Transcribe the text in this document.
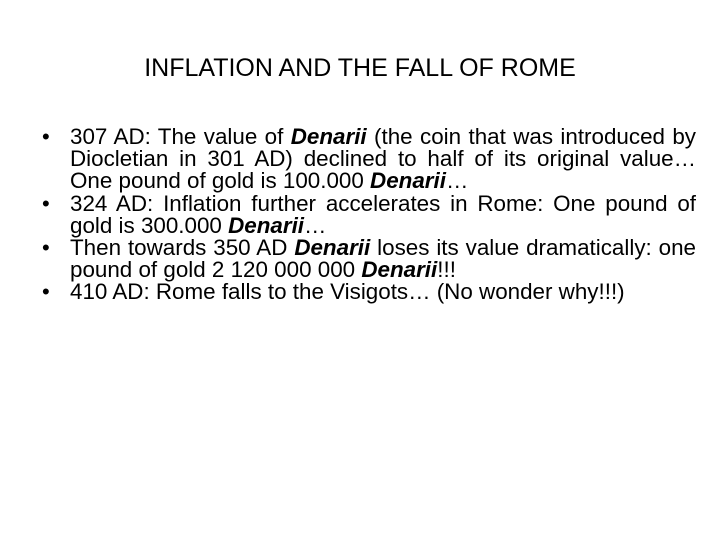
INFLATION AND THE FALL OF ROME
• 307 AD: The value of Denarii (the coin that was introduced by Diocletian in 301 AD) declined to half of its original value… One pound of gold is 100.000 Denarii…
• 324 AD: Inflation further accelerates in Rome: One pound of gold is 300.000 Denarii…
• Then towards 350 AD Denarii loses its value dramatically: one pound of gold 2 120 000 000 Denarii!!!
• 410 AD: Rome falls to the Visigots… (No wonder why!!!)
